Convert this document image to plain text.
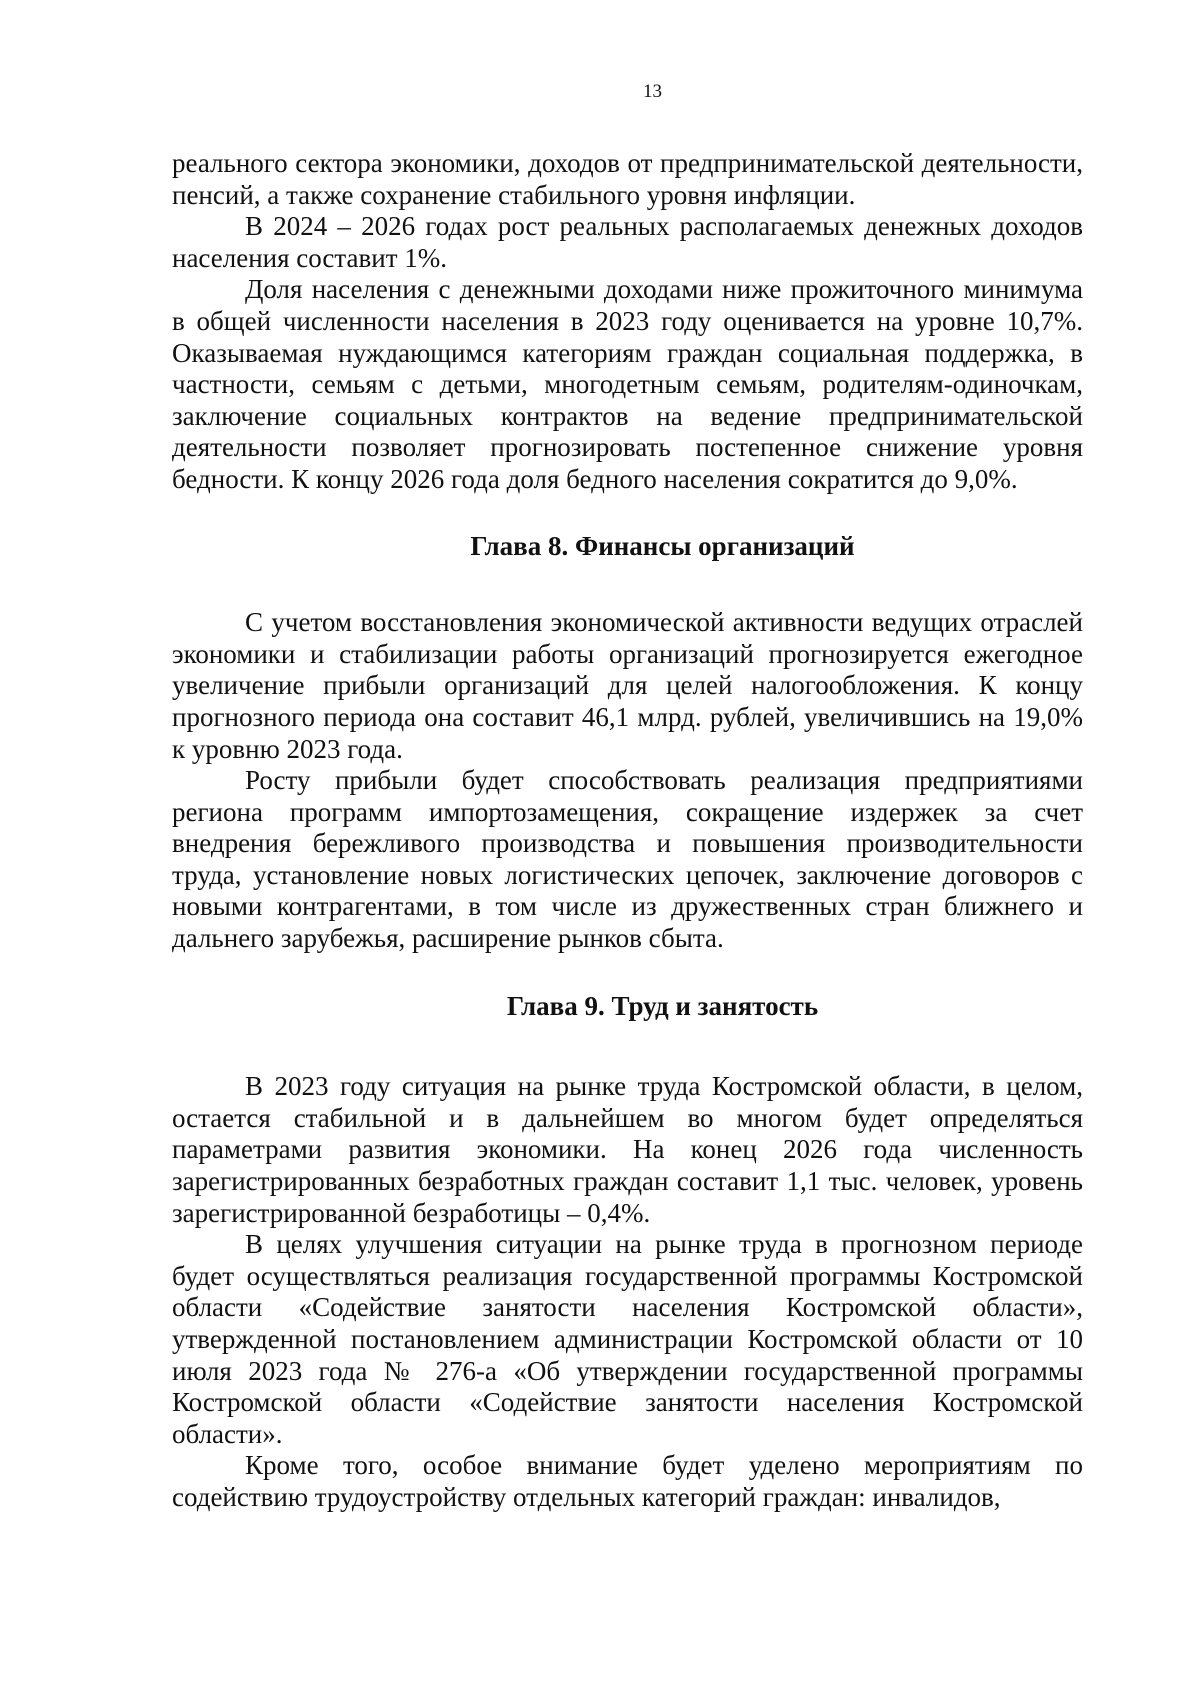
13

реального сектора экономики, доходов от предпринимательской деятельности, пенсий, а также сохранение стабильного уровня инфляции.

В 2024 – 2026 годах рост реальных располагаемых денежных доходов населения составит 1%.

Доля населения с денежными доходами ниже прожиточного минимума в общей численности населения в 2023 году оценивается на уровне 10,7%. Оказываемая нуждающимся категориям граждан социальная поддержка, в частности, семьям с детьми, многодетным семьям, родителям-одиночкам, заключение социальных контрактов на ведение предпринимательской деятельности позволяет прогнозировать постепенное снижение уровня бедности. К концу 2026 года доля бедного населения сократится до 9,0%.

Глава 8. Финансы организаций

С учетом восстановления экономической активности ведущих отраслей экономики и стабилизации работы организаций прогнозируется ежегодное увеличение прибыли организаций для целей налогообложения. К концу прогнозного периода она составит 46,1 млрд. рублей, увеличившись на 19,0% к уровню 2023 года.

Росту прибыли будет способствовать реализация предприятиями региона программ импортозамещения, сокращение издержек за счет внедрения бережливого производства и повышения производительности труда, установление новых логистических цепочек, заключение договоров с новыми контрагентами, в том числе из дружественных стран ближнего и дальнего зарубежья, расширение рынков сбыта.

Глава 9. Труд и занятость

В 2023 году ситуация на рынке труда Костромской области, в целом, остается стабильной и в дальнейшем во многом будет определяться параметрами развития экономики. На конец 2026 года численность зарегистрированных безработных граждан составит 1,1 тыс. человек, уровень зарегистрированной безработицы – 0,4%.

В целях улучшения ситуации на рынке труда в прогнозном периоде будет осуществляться реализация государственной программы Костромской области «Содействие занятости населения Костромской области», утвержденной постановлением администрации Костромской области от 10 июля 2023 года № 276-а «Об утверждении государственной программы Костромской области «Содействие занятости населения Костромской области».

Кроме того, особое внимание будет уделено мероприятиям по содействию трудоустройству отдельных категорий граждан: инвалидов,
